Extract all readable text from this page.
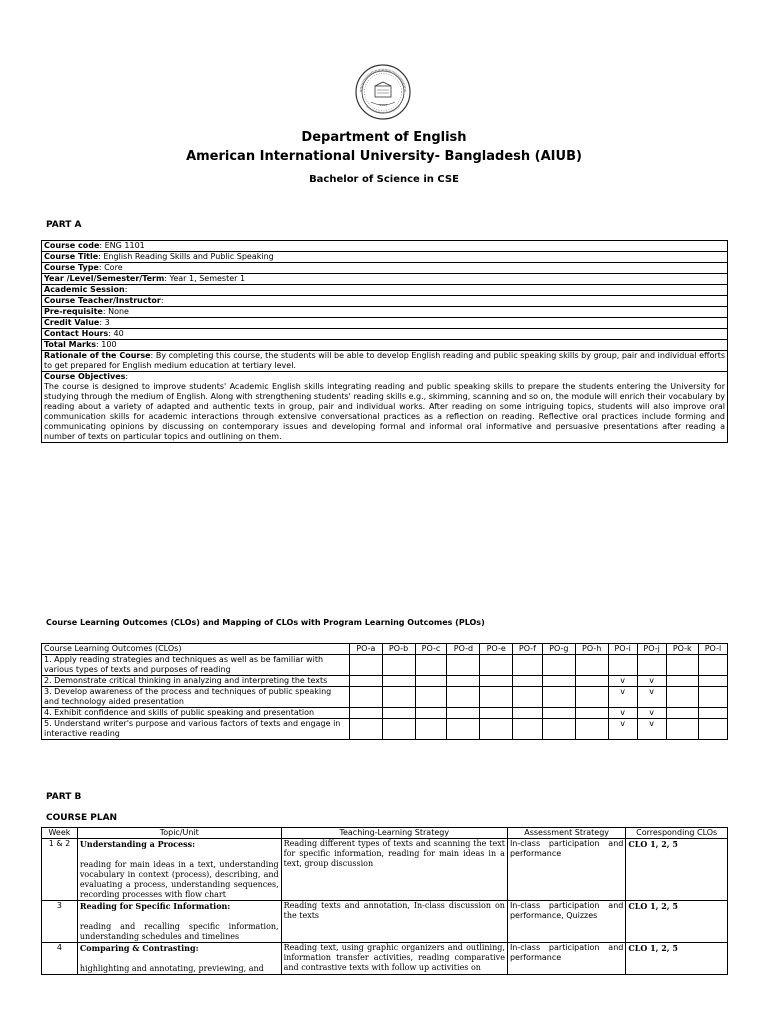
1994
Department of English
American International University- Bangladesh (AIUB)
Bachelor of Science in CSE
PART A
Course code: ENG 1101
Course Title: English Reading Skills and Public Speaking
Course Type: Core
Year /Level/Semester/Term: Year 1, Semester 1
Academic Session:
Course Teacher/Instructor:
Pre-requisite: None
Credit Value: 3
Contact Hours: 40
Total Marks: 100
Rationale of the Course: By completing this course, the students will be able to develop English reading and public speaking skills by group, pair and individual efforts to get prepared for English medium education at tertiary level.
Course Objectives:
The course is designed to improve students' Academic English skills integrating reading and public speaking skills to prepare the students entering the University for studying through the medium of English. Along with strengthening students' reading skills e.g., skimming, scanning and so on, the module will enrich their vocabulary by reading about a variety of adapted and authentic texts in group, pair and individual works. After reading on some intriguing topics, students will also improve oral communication skills for academic interactions through extensive conversational practices as a reflection on reading. Reflective oral practices include forming and communicating opinions by discussing on contemporary issues and developing formal and informal oral informative and persuasive presentations after reading a number of texts on particular topics and outlining on them.
Course Learning Outcomes (CLOs) and Mapping of CLOs with Program Learning Outcomes (PLOs)
Course Learning Outcomes (CLOs)	PO-a	PO-b	PO-c	PO-d	PO-e	PO-f	PO-g	PO-h	PO-i	PO-j	PO-k	PO-l
1. Apply reading strategies and techniques as well as be familiar with various types of texts and purposes of reading												
2. Demonstrate critical thinking in analyzing and interpreting the texts									v	v		
3. Develop awareness of the process and techniques of public speaking and technology aided presentation									v	v		
4. Exhibit confidence and skills of public speaking and presentation									v	v		
5. Understand writer's purpose and various factors of texts and engage in interactive reading									v	v		
PART B
COURSE PLAN
Week	Topic/Unit	Teaching-Learning Strategy	Assessment Strategy	Corresponding CLOs
1 & 2	Understanding a Process:
reading for main ideas in a text, understanding vocabulary in context (process), describing, and evaluating a process, understanding sequences, recording processes with flow chart	Reading different types of texts and scanning the text for specific information, reading for main ideas in a text, group discussion	In-class participation and performance	CLO 1, 2, 5
3	Reading for Specific Information:
reading and recalling specific information, understanding schedules and timelines	Reading texts and annotation, In-class discussion on the texts	In-class participation and performance, Quizzes	CLO 1, 2, 5
4	Comparing & Contrasting:
highlighting and annotating, previewing, and	Reading text, using graphic organizers and outlining, information transfer activities, reading comparative and contrastive texts with follow up activities on	In-class participation and performance	CLO 1, 2, 5
